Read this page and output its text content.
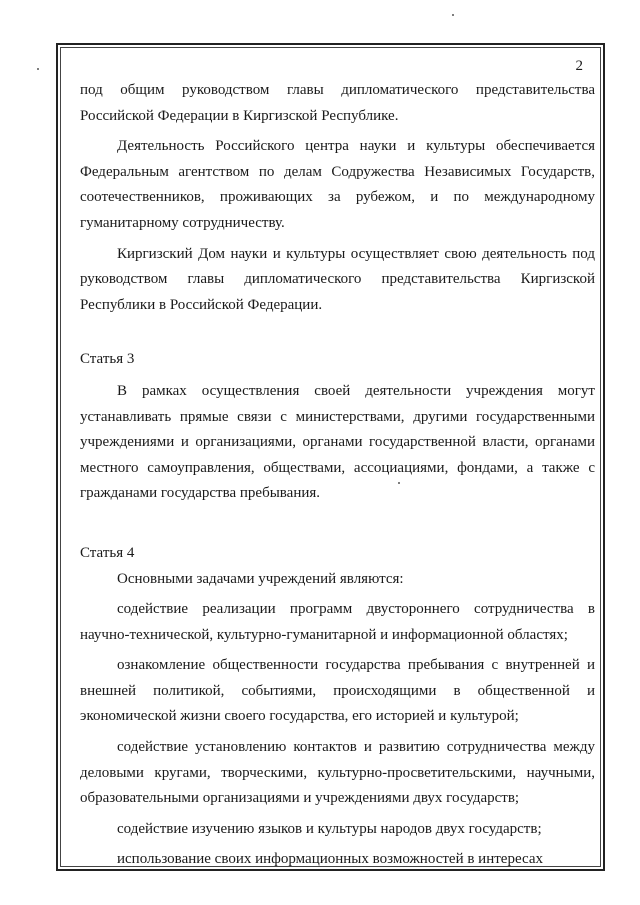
2

под общим руководством главы дипломатического представительства Российской Федерации в Киргизской Республике.

Деятельность Российского центра науки и культуры обеспечивается Федеральным агентством по делам Содружества Независимых Государств, соотечественников, проживающих за рубежом, и по международному гуманитарному сотрудничеству.

Киргизский Дом науки и культуры осуществляет свою деятельность под руководством главы дипломатического представительства Киргизской Республики в Российской Федерации.

Статья 3

В рамках осуществления своей деятельности учреждения могут устанавливать прямые связи с министерствами, другими государственными учреждениями и организациями, органами государственной власти, органами местного самоуправления, обществами, ассоциациями, фондами, а также с гражданами государства пребывания.

Статья 4

Основными задачами учреждений являются:

содействие реализации программ двустороннего сотрудничества в научно-технической, культурно-гуманитарной и информационной областях;

ознакомление общественности государства пребывания с внутренней и внешней политикой, событиями, происходящими в общественной и экономической жизни своего государства, его историей и культурой;

содействие установлению контактов и развитию сотрудничества между деловыми кругами, творческими, культурно-просветительскими, научными, образовательными организациями и учреждениями двух государств;

содействие изучению языков и культуры народов двух государств;

использование своих информационных возможностей в интересах
